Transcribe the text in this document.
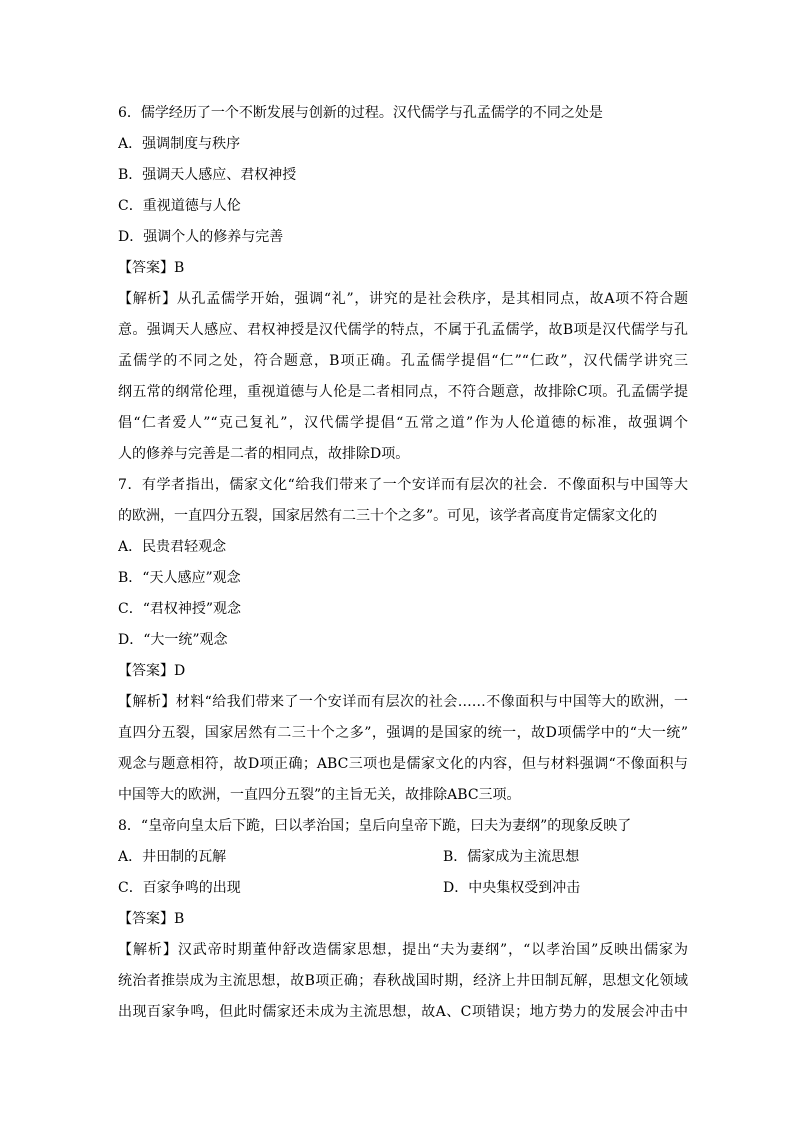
6．儒学经历了一个不断发展与创新的过程。汉代儒学与孔孟儒学的不同之处是
A．强调制度与秩序
B．强调天人感应、君权神授
C．重视道德与人伦
D．强调个人的修养与完善
【答案】B
【解析】从孔孟儒学开始，强调“礼”，讲究的是社会秩序，是其相同点，故A项不符合题
意。强调天人感应、君权神授是汉代儒学的特点，不属于孔孟儒学，故B项是汉代儒学与孔
孟儒学的不同之处，符合题意，B项正确。孔孟儒学提倡“仁”“仁政”，汉代儒学讲究三
纲五常的纲常伦理，重视道德与人伦是二者相同点，不符合题意，故排除C项。孔孟儒学提
倡“仁者爱人”“克己复礼”，汉代儒学提倡“五常之道”作为人伦道德的标准，故强调个
人的修养与完善是二者的相同点，故排除D项。
7．有学者指出，儒家文化“给我们带来了一个安详而有层次的社会．不像面积与中国等大
的欧洲，一直四分五裂，国家居然有二三十个之多”。可见，该学者高度肯定儒家文化的
A．民贵君轻观念
B．“天人感应”观念
C．“君权神授”观念
D．“大一统”观念
【答案】D
【解析】材料“给我们带来了一个安详而有层次的社会……不像面积与中国等大的欧洲，一
直四分五裂，国家居然有二三十个之多”，强调的是国家的统一，故D项儒学中的“大一统”
观念与题意相符，故D项正确；ABC三项也是儒家文化的内容，但与材料强调“不像面积与
中国等大的欧洲，一直四分五裂”的主旨无关，故排除ABC三项。
8．“皇帝向皇太后下跪，曰以孝治国；皇后向皇帝下跪，曰夫为妻纲”的现象反映了
A．井田制的瓦解	B．儒家成为主流思想
C．百家争鸣的出现	D．中央集权受到冲击
【答案】B
【解析】汉武帝时期董仲舒改造儒家思想，提出“夫为妻纲”，“以孝治国”反映出儒家为
统治者推崇成为主流思想，故B项正确；春秋战国时期，经济上井田制瓦解，思想文化领域
出现百家争鸣，但此时儒家还未成为主流思想，故A、C项错误；地方势力的发展会冲击中
